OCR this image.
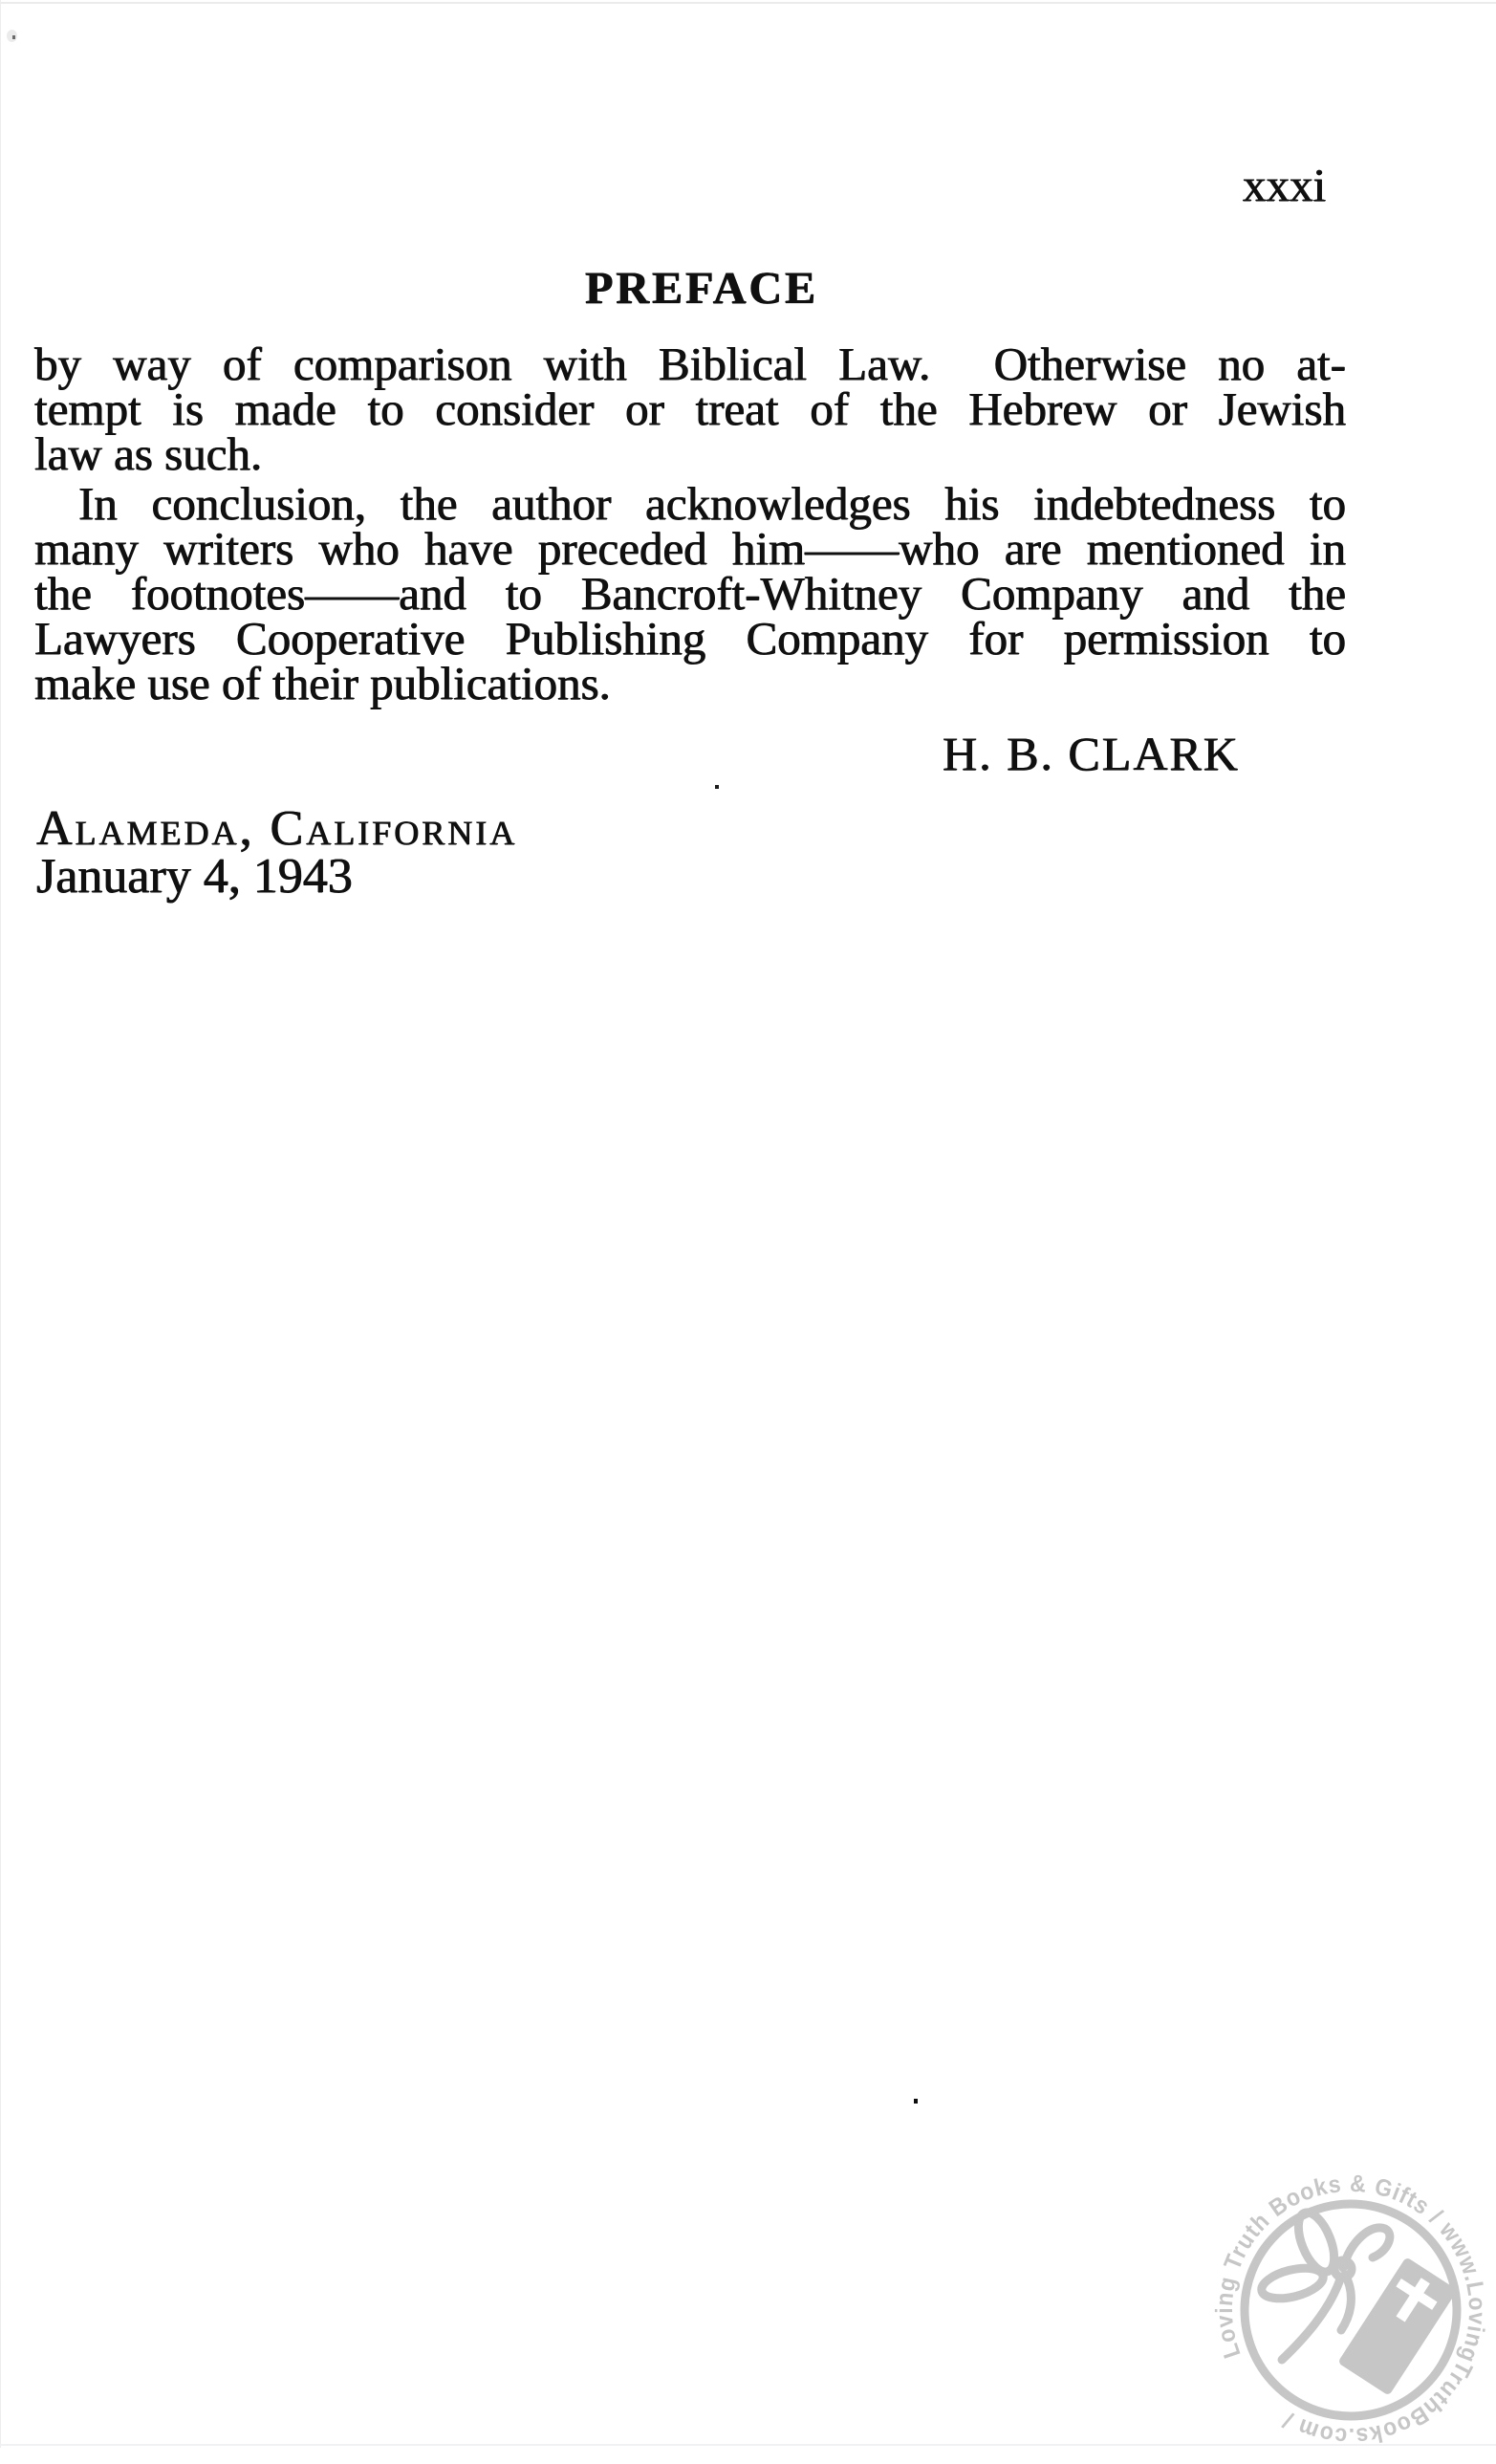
xxxi
PREFACE
by way of comparison with Biblical Law.  Otherwise no at-
tempt is made to consider or treat of the Hebrew or Jewish
law as such.
In conclusion, the author acknowledges his indebtedness to
many writers who have preceded him——who are mentioned in
the footnotes——and to Bancroft-Whitney Company and the
Lawyers Cooperative Publishing Company for permission to
make use of their publications.
H. B. CLARK
Alameda, California
January 4, 1943
Loving Truth Books & Gifts / www.LovingTruthBooks.com /
